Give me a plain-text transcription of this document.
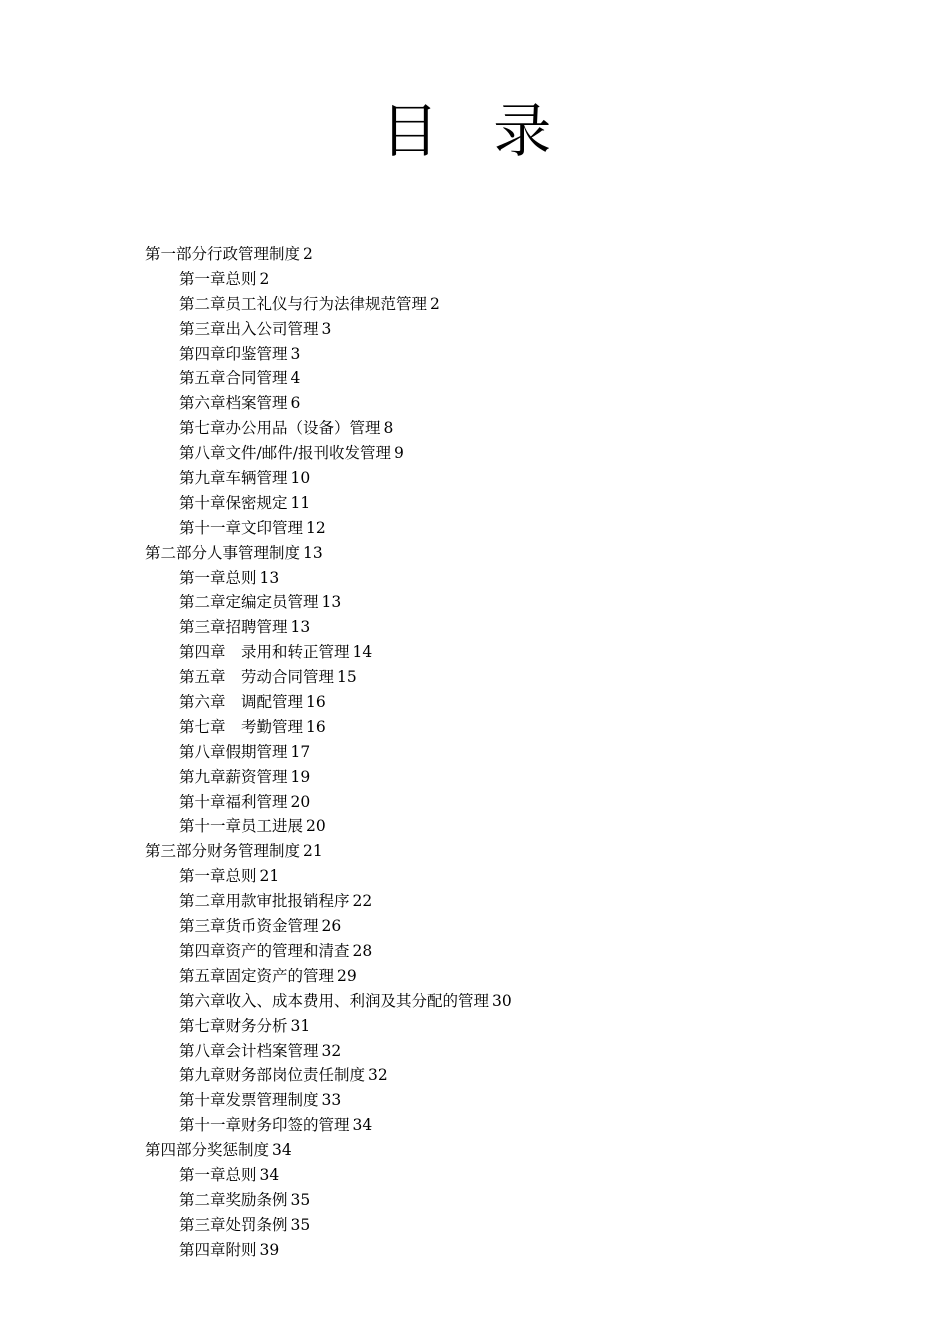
目 录
第一部分行政管理制度 2
第一章总则 2
第二章员工礼仪与行为法律规范管理 2
第三章出入公司管理 3
第四章印鉴管理 3
第五章合同管理 4
第六章档案管理 6
第七章办公用品（设备）管理 8
第八章文件/邮件/报刊收发管理 9
第九章车辆管理 10
第十章保密规定 11
第十一章文印管理 12
第二部分人事管理制度 13
第一章总则 13
第二章定编定员管理 13
第三章招聘管理 13
第四章 录用和转正管理 14
第五章 劳动合同管理 15
第六章 调配管理 16
第七章 考勤管理 16
第八章假期管理 17
第九章薪资管理 19
第十章福利管理 20
第十一章员工进展 20
第三部分财务管理制度 21
第一章总则 21
第二章用款审批报销程序 22
第三章货币资金管理 26
第四章资产的管理和清查 28
第五章固定资产的管理 29
第六章收入、成本费用、利润及其分配的管理 30
第七章财务分析 31
第八章会计档案管理 32
第九章财务部岗位责任制度 32
第十章发票管理制度 33
第十一章财务印签的管理 34
第四部分奖惩制度 34
第一章总则 34
第二章奖励条例 35
第三章处罚条例 35
第四章附则 39
